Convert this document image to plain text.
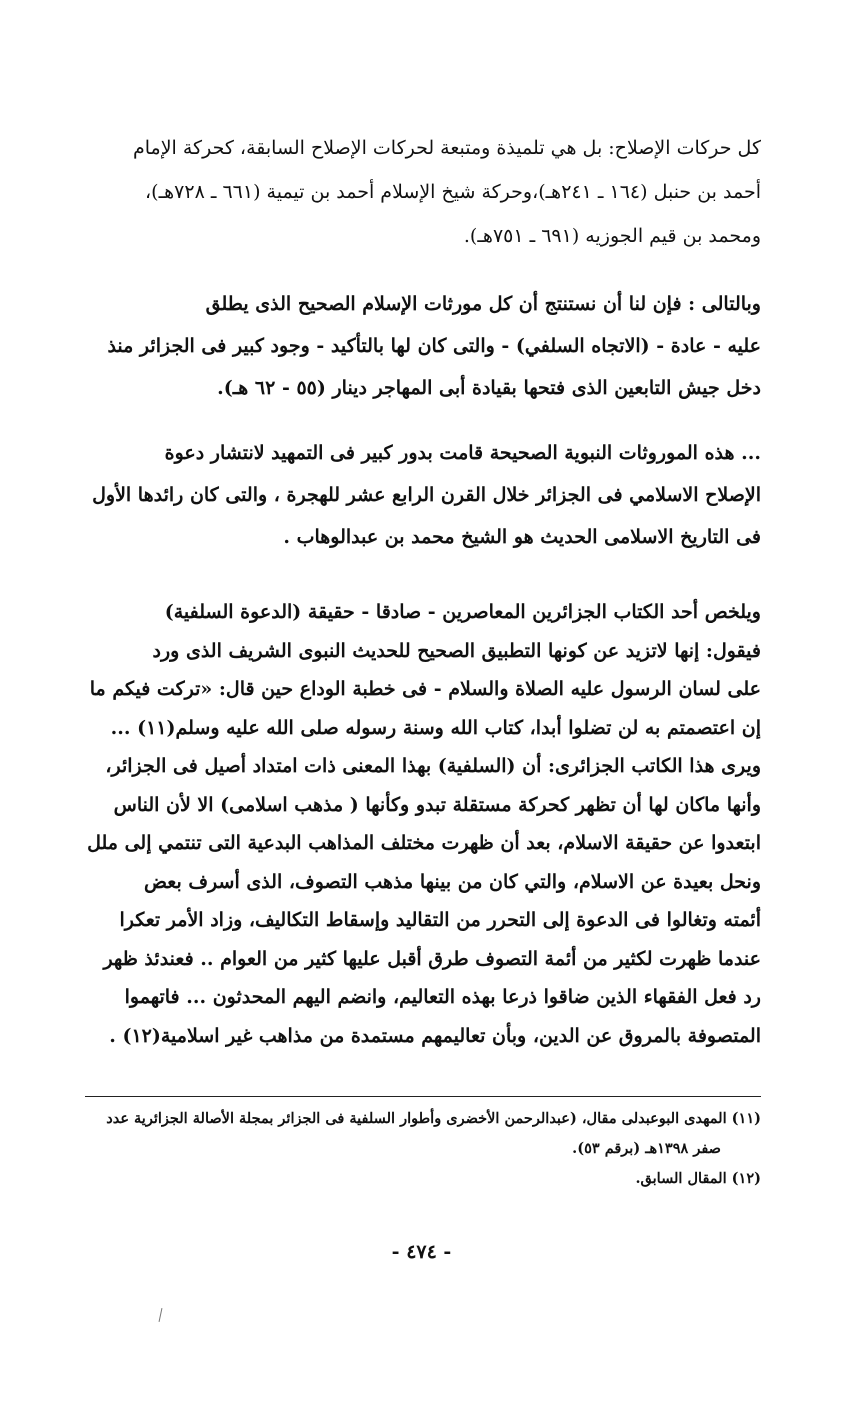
كل حركات الإصلاح: بل هي تلميذة ومتبعة لحركات الإصلاح السابقة، كحركة الإمام
أحمد بن حنبل (١٦٤ ـ ٢٤١هـ)،وحركة شيخ الإسلام أحمد بن تيمية (٦٦١ ـ ٧٢٨هـ)،
ومحمد بن قيم الجوزيه (٦٩١ ـ ٧٥١هـ).

وبالتالى : فإن لنا أن نستنتج أن كل مورثات الإسلام الصحيح الذى يطلق
عليه - عادة - (الاتجاه السلفي) - والتى كان لها بالتأكيد - وجود كبير فى الجزائر منذ
دخل جيش التابعين الذى فتحها بقيادة أبى المهاجر دينار (٥٥ - ٦٢ هـ).

... هذه الموروثات النبوية الصحيحة قامت بدور كبير فى التمهيد لانتشار دعوة
الإصلاح الاسلامي فى الجزائر خلال القرن الرابع عشر للهجرة ، والتى كان رائدها الأول
فى التاريخ الاسلامى الحديث هو الشيخ محمد بن عبدالوهاب .

ويلخص أحد الكتاب الجزائرين المعاصرين - صادقا - حقيقة (الدعوة السلفية)
فيقول: إنها لاتزيد عن كونها التطبيق الصحيح للحديث النبوى الشريف الذى ورد
على لسان الرسول عليه الصلاة والسلام - فى خطبة الوداع حين قال: «تركت فيكم ما
إن اعتصمتم به لن تضلوا أبدا، كتاب الله وسنة رسوله صلى الله عليه وسلم(١١) ...
ويرى هذا الكاتب الجزائرى: أن (السلفية) بهذا المعنى ذات امتداد أصيل فى الجزائر،
وأنها ماكان لها أن تظهر كحركة مستقلة تبدو وكأنها ( مذهب اسلامى) الا لأن الناس
ابتعدوا عن حقيقة الاسلام، بعد أن ظهرت مختلف المذاهب البدعية التى تنتمي إلى ملل
ونحل بعيدة عن الاسلام، والتي كان من بينها مذهب التصوف، الذى أسرف بعض
أئمته وتغالوا فى الدعوة إلى التحرر من التقاليد وإسقاط التكاليف، وزاد الأمر تعكرا
عندما ظهرت لكثير من أئمة التصوف طرق أقبل عليها كثير من العوام .. فعندئذ ظهر
رد فعل الفقهاء الذين ضاقوا ذرعا بهذه التعاليم، وانضم اليهم المحدثون ... فاتهموا
المتصوفة بالمروق عن الدين، وبأن تعاليمهم مستمدة من مذاهب غير اسلامية(١٢) .

(١١) المهدى البوعبدلى مقال، (عبدالرحمن الأخضرى وأطوار السلفية فى الجزائر بمجلة الأصالة الجزائرية عدد
صفر ١٣٩٨هـ (برقم ٥٣).
(١٢) المقال السابق.
- ٤٧٤ -
